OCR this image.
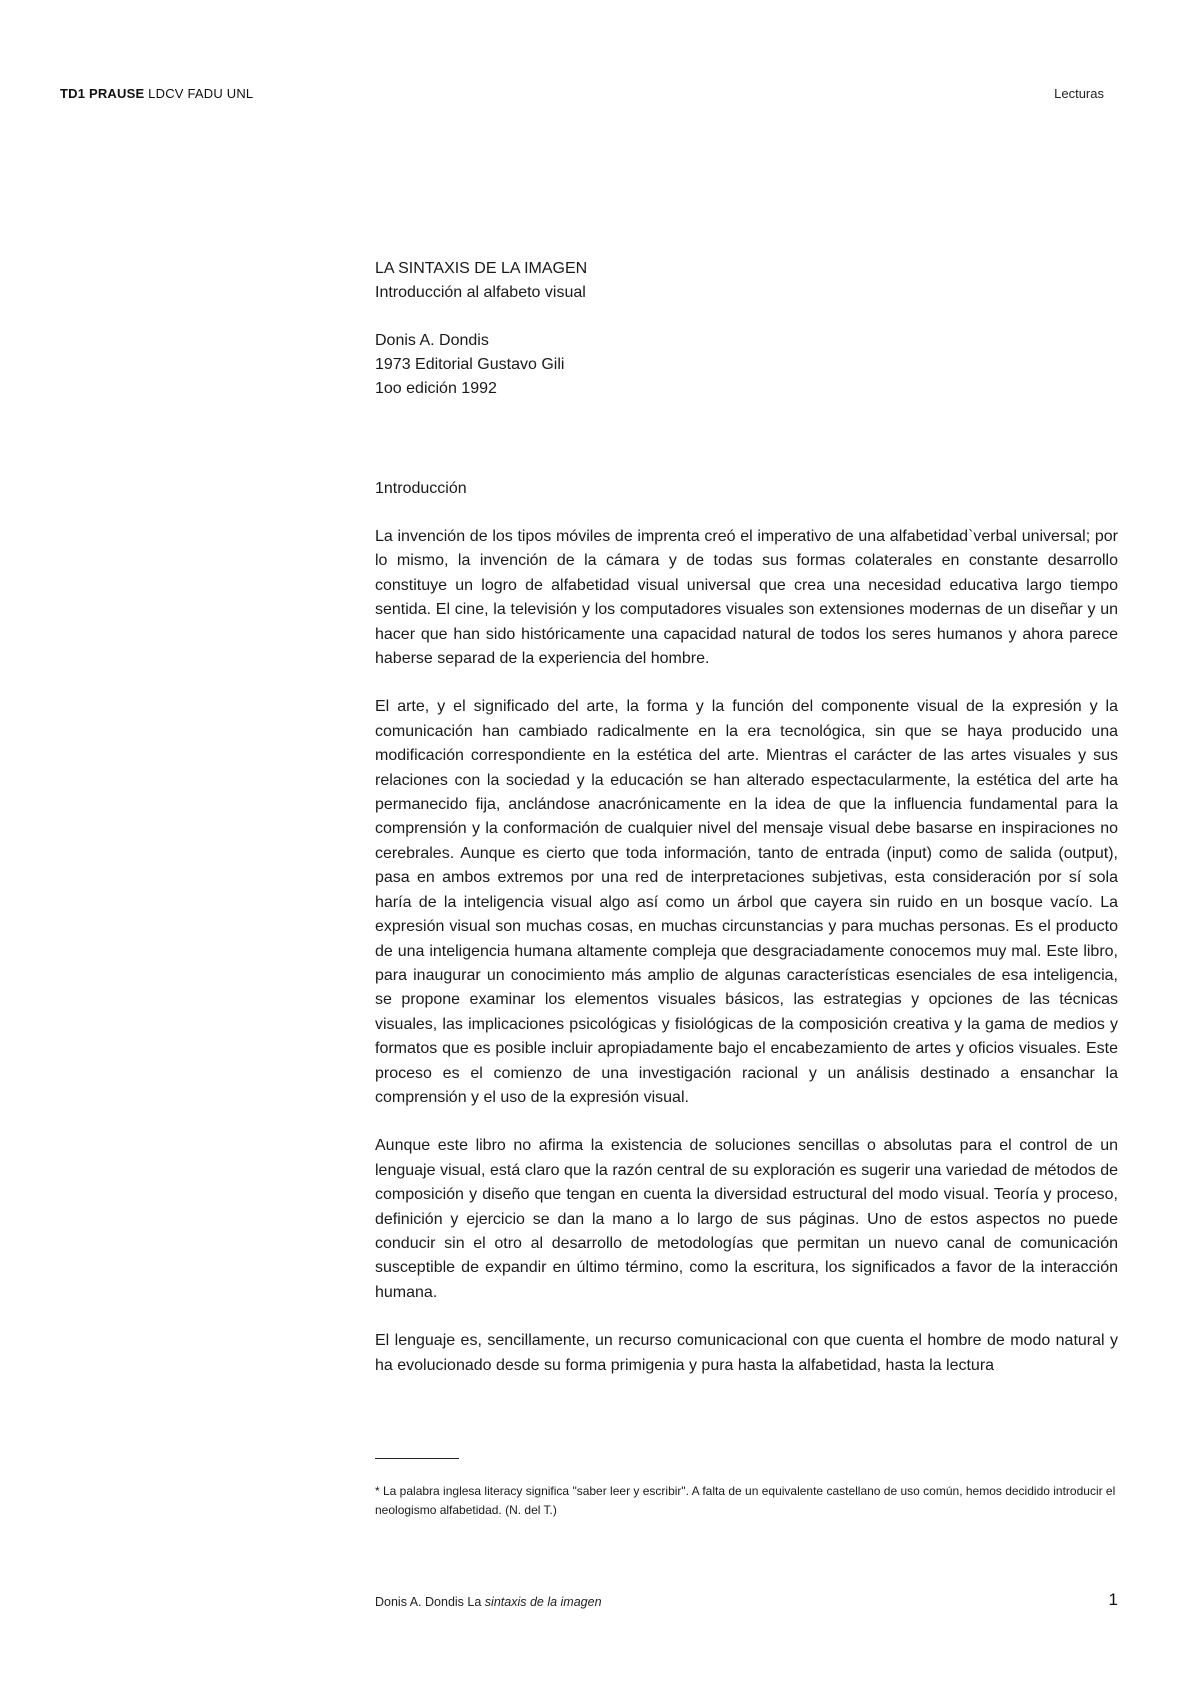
TD1 PRAUSE LDCV FADU UNL	Lecturas
LA SINTAXIS DE LA IMAGEN
Introducción al alfabeto visual
Donis A. Dondis
1973 Editorial Gustavo Gili
1oo edición 1992
1ntroducción

La invención de los tipos móviles de imprenta creó el imperativo de una alfabetidad`verbal universal; por lo mismo, la invención de la cámara y de todas sus formas colaterales en constante desarrollo constituye un logro de alfabetidad visual universal que crea una necesidad educativa largo tiempo sentida. El cine, la televisión y los computadores visuales son extensiones modernas de un diseñar y un hacer que han sido históricamente una capacidad natural de todos los seres humanos y ahora parece haberse separad de la experiencia del hombre.

El arte, y el significado del arte, la forma y la función del componente visual de la expresión y la comunicación han cambiado radicalmente en la era tecnológica, sin que se haya producido una modificación correspondiente en la estética del arte. Mientras el carácter de las artes visuales y sus relaciones con la sociedad y la educación se han alterado espectacularmente, la estética del arte ha permanecido fija, anclándose anacrónicamente en la idea de que la influencia fundamental para la comprensión y la conformación de cualquier nivel del mensaje visual debe basarse en inspiraciones no cerebrales. Aunque es cierto que toda información, tanto de entrada (input) como de salida (output), pasa en ambos extremos por una red de interpretaciones subjetivas, esta consideración por sí sola haría de la inteligencia visual algo así como un árbol que cayera sin ruido en un bosque vacío. La expresión visual son muchas cosas, en muchas circunstancias y para muchas personas. Es el producto de una inteligencia humana altamente compleja que desgraciadamente conocemos muy mal. Este libro, para inaugurar un conocimiento más amplio de algunas características esenciales de esa inteligencia, se propone examinar los elementos visuales básicos, las estrategias y opciones de las técnicas visuales, las implicaciones psicológicas y fisiológicas de la composición creativa y la gama de medios y formatos que es posible incluir apropiadamente bajo el encabezamiento de artes y oficios visuales. Este proceso es el comienzo de una investigación racional y un análisis destinado a ensanchar la comprensión y el uso de la expresión visual.

Aunque este libro no afirma la existencia de soluciones sencillas o absolutas para el control de un lenguaje visual, está claro que la razón central de su exploración es sugerir una variedad de métodos de composición y diseño que tengan en cuenta la diversidad estructural del modo visual. Teoría y proceso, definición y ejercicio se dan la mano a lo largo de sus páginas. Uno de estos aspectos no puede conducir sin el otro al desarrollo de metodologías que permitan un nuevo canal de comunicación susceptible de expandir en último término, como la escritura, los significados a favor de la interacción humana.

El lenguaje es, sencillamente, un recurso comunicacional con que cuenta el hombre de modo natural y ha evolucionado desde su forma primigenia y pura hasta la alfabetidad, hasta la lectura

* La palabra inglesa literacy significa "saber leer y escribir". A falta de un equivalente castellano de uso común, hemos decidido introducir el neologismo alfabetidad. (N. del T.)
Donis A. Dondis La sintaxis de la imagen	1
